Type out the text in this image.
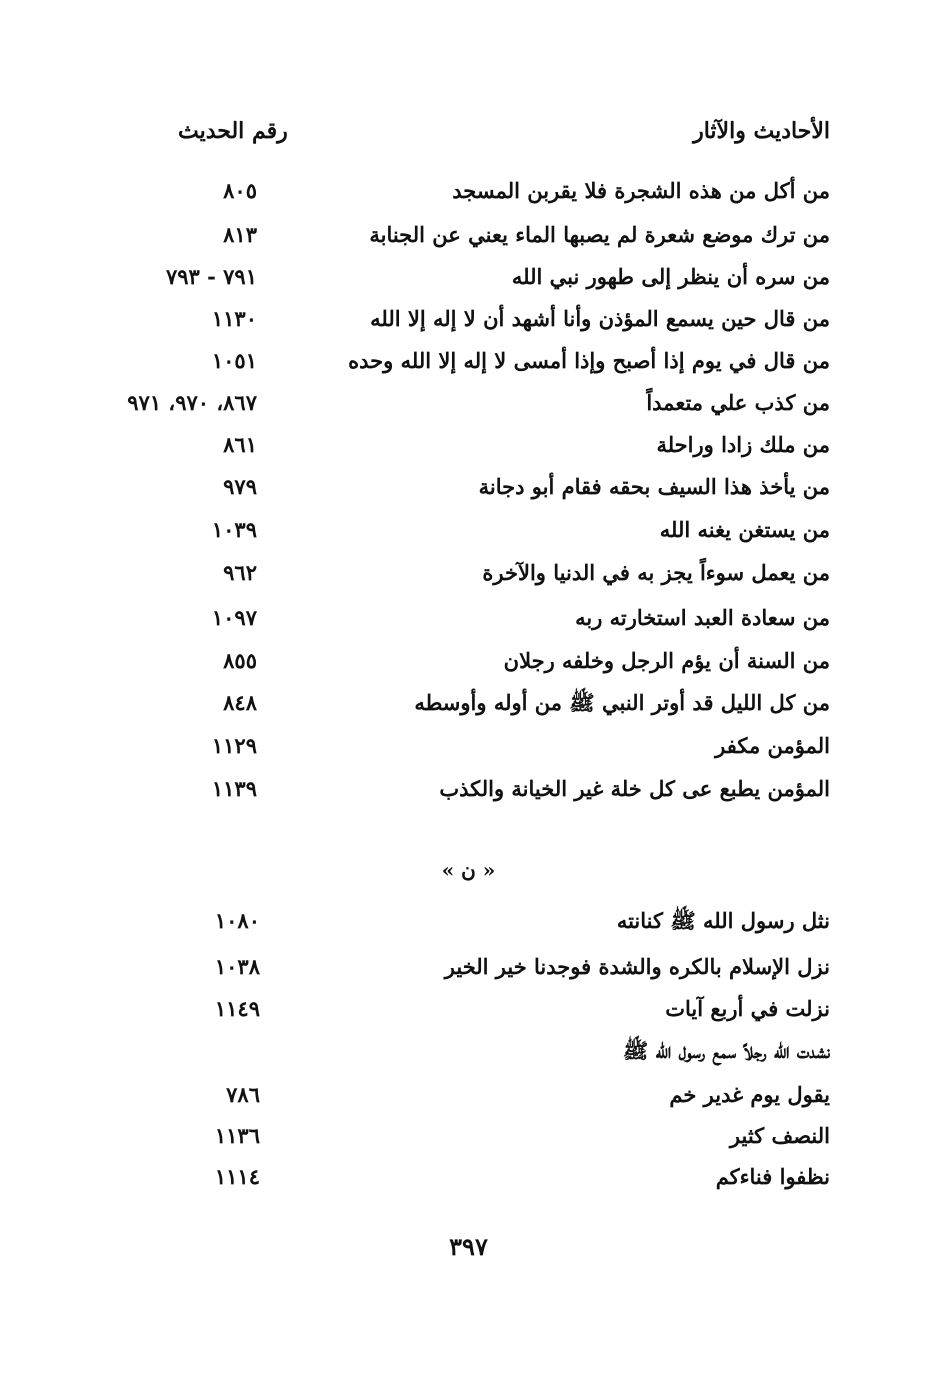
الأحاديث والآثار
رقم الحديث
من أكل من هذه الشجرة فلا يقربن المسجد
٨٠٥
من ترك موضع شعرة لم يصبها الماء يعني عن الجنابة
٨١٣
من سره أن ينظر إلى طهور نبي الله
٧٩١ - ٧٩٣
من قال حين يسمع المؤذن وأنا أشهد أن لا إله إلا الله
١١٣٠
من قال في يوم إذا أصبح وإذا أمسى لا إله إلا الله وحده
١٠٥١
من كذب علي متعمداً
٨٦٧، ٩٧٠، ٩٧١
من ملك زادا وراحلة
٨٦١
من يأخذ هذا السيف بحقه فقام أبو دجانة
٩٧٩
من يستغن يغنه الله
١٠٣٩
من يعمل سوءاً يجز به في الدنيا والآخرة
٩٦٢
من سعادة العبد استخارته ربه
١٠٩٧
من السنة أن يؤم الرجل وخلفه رجلان
٨٥٥
من كل الليل قد أوتر النبي ﷺ من أوله وأوسطه
٨٤٨
المؤمن مكفر
١١٢٩
المؤمن يطبع عى كل خلة غير الخيانة والكذب
١١٣٩
« ن »
نثل رسول الله ﷺ كنانته
١٠٨٠
نزل الإسلام بالكره والشدة فوجدنا خير الخير
١٠٣٨
نزلت في أربع آيات
١١٤٩
نشدت الله رجلاً سمع رسول الله ﷺ
يقول يوم غدير خم
٧٨٦
النصف كثير
١١٣٦
نظفوا فناءكم
١١١٤
٣٩٧
